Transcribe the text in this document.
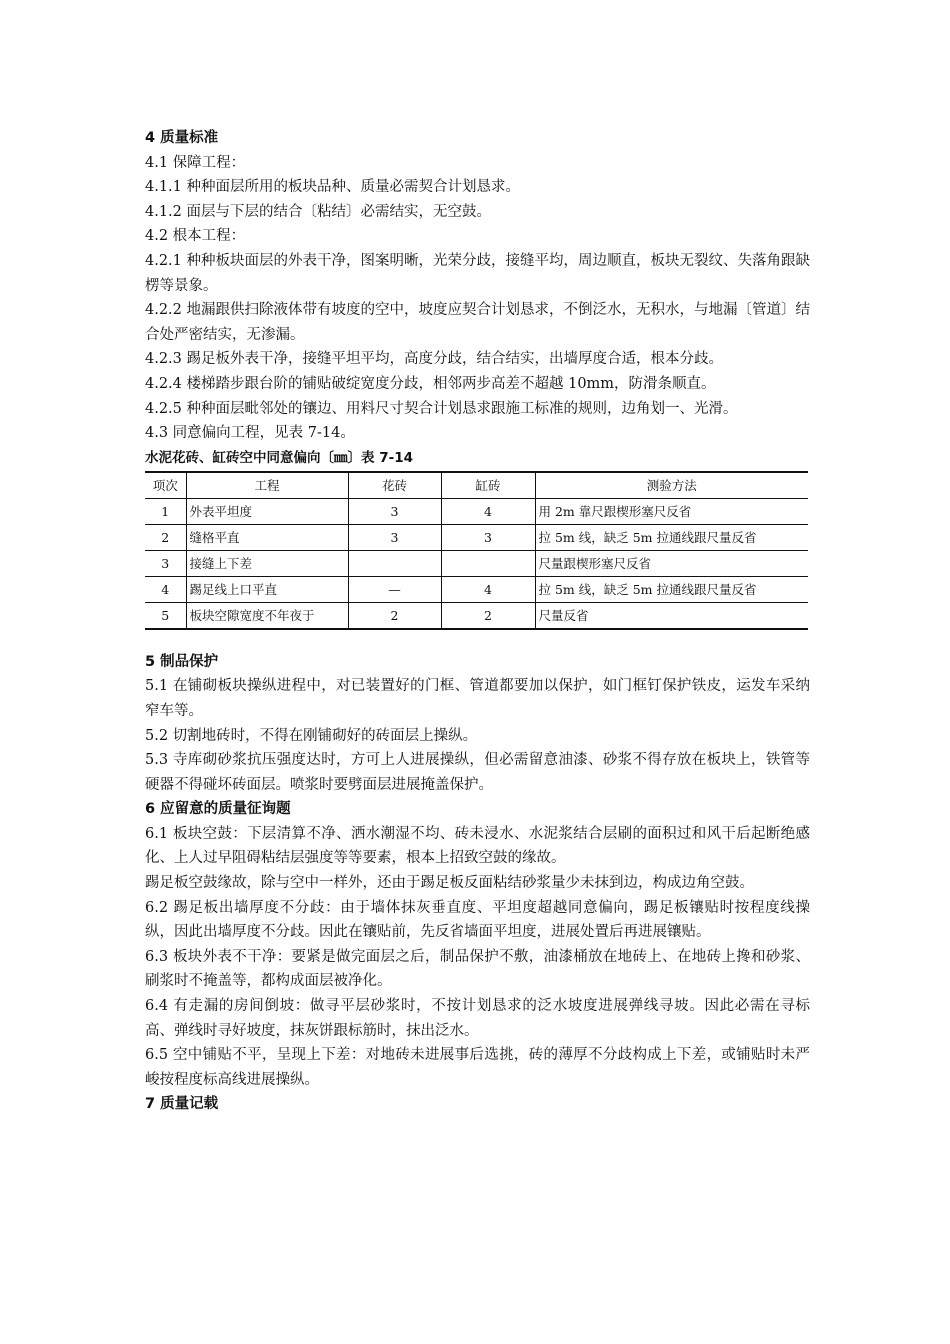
4 质量标准
4.1 保障工程：
4.1.1 种种面层所用的板块品种、质量必需契合计划恳求。
4.1.2 面层与下层的结合〔粘结〕必需结实，无空鼓。
4.2 根本工程：
4.2.1 种种板块面层的外表干净，图案明晰，光荣分歧，接缝平均，周边顺直，板块无裂纹、失落角跟缺楞等景象。
4.2.2 地漏跟供扫除液体带有坡度的空中，坡度应契合计划恳求，不倒泛水，无积水，与地漏〔管道〕结合处严密结实，无渗漏。
4.2.3 踢足板外表干净，接缝平坦平均，高度分歧，结合结实，出墙厚度合适，根本分歧。
4.2.4 楼梯踏步跟台阶的铺贴破绽宽度分歧，相邻两步高差不超越 10mm，防滑条顺直。
4.2.5 种种面层毗邻处的镶边、用料尺寸契合计划恳求跟施工标准的规则，边角划一、光滑。
4.3 同意偏向工程，见表 7-14。
水泥花砖、缸砖空中同意偏向〔㎜〕表 7-14
项次	工程	花砖	缸砖	测验方法
1	外表平坦度	3	4	用 2m 靠尺跟楔形塞尺反省
2	缝格平直	3	3	拉 5m 线，缺乏 5m 拉通线跟尺量反省
3	接缝上下差			尺量跟楔形塞尺反省
4	踢足线上口平直	—	4	拉 5m 线，缺乏 5m 拉通线跟尺量反省
5	板块空隙宽度不年夜于	2	2	尺量反省
5 制品保护
5.1 在铺砌板块操纵进程中，对已装置好的门框、管道都要加以保护，如门框钉保护铁皮，运发车采纳窄车等。
5.2 切割地砖时，不得在刚铺砌好的砖面层上操纵。
5.3 寺库砌砂浆抗压强度达时，方可上人进展操纵，但必需留意油漆、砂浆不得存放在板块上，铁管等硬器不得碰坏砖面层。喷浆时要劈面层进展掩盖保护。
6 应留意的质量征询题
6.1 板块空鼓：下层清算不净、洒水潮湿不均、砖未浸水、水泥浆结合层刷的面积过和风干后起断绝感化、上人过早阻碍粘结层强度等等要素，根本上招致空鼓的缘故。
踢足板空鼓缘故，除与空中一样外，还由于踢足板反面粘结砂浆量少未抹到边，构成边角空鼓。
6.2 踢足板出墙厚度不分歧：由于墙体抹灰垂直度、平坦度超越同意偏向，踢足板镶贴时按程度线操纵，因此出墙厚度不分歧。因此在镶贴前，先反省墙面平坦度，进展处置后再进展镶贴。
6.3 板块外表不干净：要紧是做完面层之后，制品保护不敷，油漆桶放在地砖上、在地砖上搀和砂浆、刷浆时不掩盖等，都构成面层被净化。
6.4 有走漏的房间倒坡：做寻平层砂浆时，不按计划恳求的泛水坡度进展弹线寻坡。因此必需在寻标高、弹线时寻好坡度，抹灰饼跟标筋时，抹出泛水。
6.5 空中铺贴不平，呈现上下差：对地砖未进展事后选挑，砖的薄厚不分歧构成上下差，或铺贴时未严峻按程度标高线进展操纵。
7 质量记载
